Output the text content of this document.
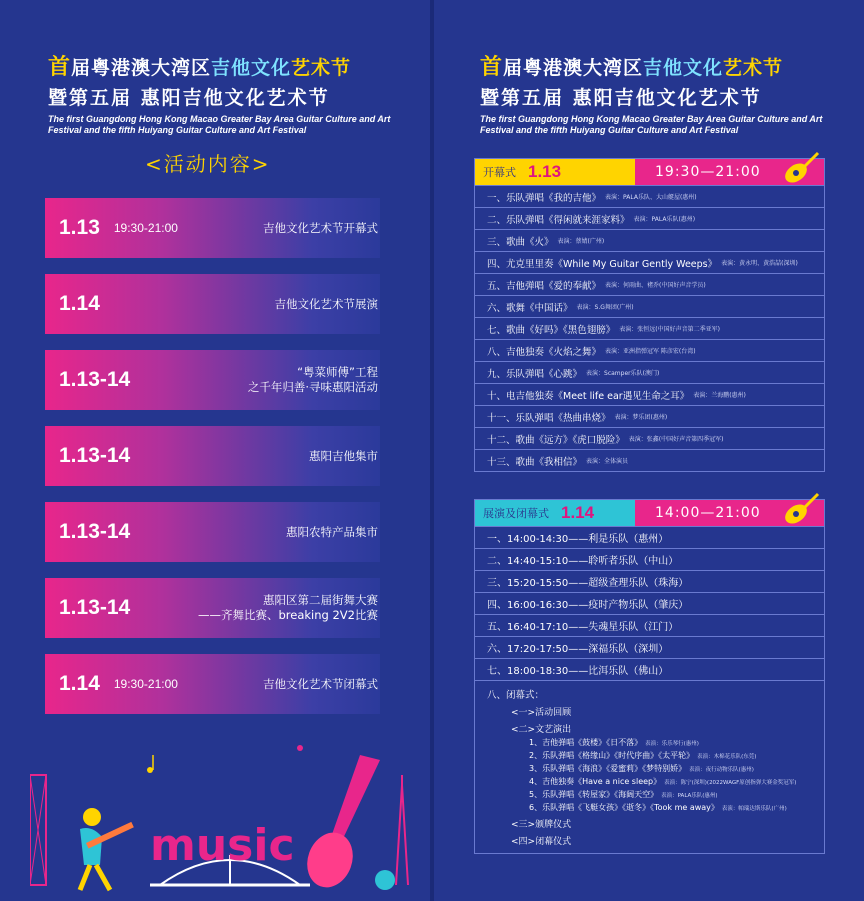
首届粤港澳大湾区吉他文化艺术节
暨第五届 惠阳吉他文化艺术节
The first Guangdong Hong Kong Macao Greater Bay Area Guitar Culture and Art Festival and the fifth Huiyang Guitar Culture and Art Festival
<活动内容>
1.13 19:30-21:00	吉他文化艺术节开幕式
1.14	吉他文化艺术节展演
1.13-14	“粤菜师傅”工程
之千年归善·寻味惠阳活动
1.13-14	惠阳吉他集市
1.13-14	惠阳农特产品集市
1.13-14	惠阳区第二届街舞大赛
——齐舞比赛、breaking 2V2比赛
1.14 19:30-21:00	吉他文化艺术节闭幕式
music
首届粤港澳大湾区吉他文化艺术节
暨第五届 惠阳吉他文化艺术节
The first Guangdong Hong Kong Macao Greater Bay Area Guitar Culture and Art Festival and the fifth Huiyang Guitar Culture and Art Festival
开幕式 1.13	19:30—21:00
一、乐队弹唱《我的吉他》 表演：PALA乐队、大山艇屋(惠州)
二、乐队弹唱《得闲就来涯家料》 表演：PALA乐队(惠州)
三、歌曲《火》 表演：蔡婧(广州)
四、尤克里里奏《While My Guitar Gently Weeps》 表演：黄永明、黄浩喆(深圳)
五、吉他弹唱《爱的奉献》 表演：何雨曲、褚乔(中国好声音学员)
六、歌舞《中国话》 表演：S.G舞团(广州)
七、歌曲《好吗》《黑色翅膀》 表演：张恒远(中国好声音第二季亚军)
八、吉他独奏《火焰之舞》 表演：亚洲指弹冠军 陈彦宏(台湾)
九、乐队弹唱《心跳》 表演：Scamper乐队(澳门)
十、电吉他独奏《Meet life ear遇见生命之耳》 表演：兰海鹏(惠州)
十一、乐队弹唱《热曲串烧》 表演：梦乐团(惠州)
十二、歌曲《远方》《虎口脱险》 表演：张鑫(中国好声音第四季冠军)
十三、歌曲《我相信》 表演：全体演员
展演及闭幕式 1.14	14:00—21:00
一、14:00-14:30——利是乐队（惠州）
二、14:40-15:10——聆听者乐队（中山）
三、15:20-15:50——超级查理乐队（珠海）
四、16:00-16:30——疫时产物乐队（肇庆）
五、16:40-17:10——失魂星乐队（江门）
六、17:20-17:50——深福乐队（深圳）
七、18:00-18:30——比洱乐队（佛山）
八、闭幕式：
<一>活动回顾
<二>文艺演出
1、吉他弹唱《鼓楼》《日不落》 表演：乐乐琴行(惠州)
2、乐队弹唱《格缘山》《时代序曲》《太平轮》 表演：木棉花乐队(东莞)
3、乐队弹唱《海浪》《爱蜜莉》《梦特别娇》 表演：夜行动物乐队(惠州)
4、吉他独奏《Have a nice sleep》 表演：陈宁(深圳)(2022WAGF原创指弹大赛金奖冠军)
5、乐队弹唱《转屋家》《海阔天空》 表演：PALA乐队(惠州)
6、乐队弹唱《飞艇女孩》《逝冬》《Took me away》 表演：帕瑞达斯乐队(广州)
<三>颁牌仪式
<四>闭幕仪式
